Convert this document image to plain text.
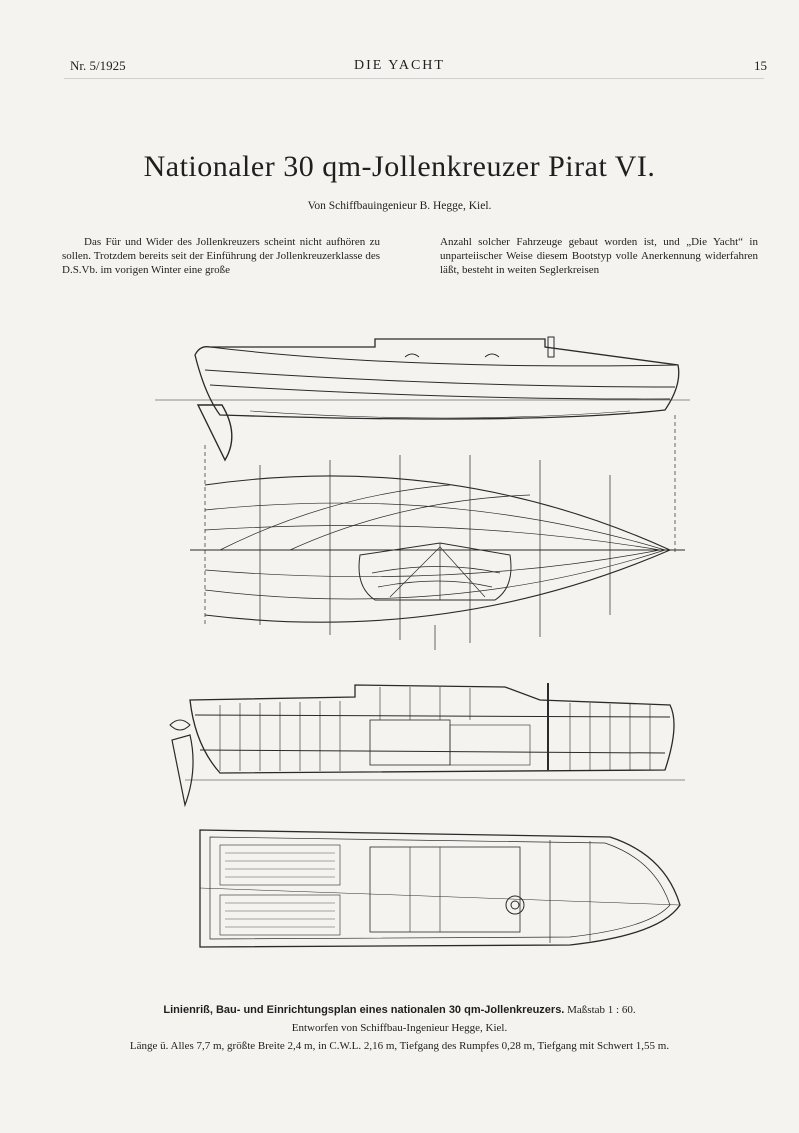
Nr. 5/1925	DIE YACHT	15
Nationaler 30 qm-Jollenkreuzer Pirat VI.
Von Schiffbauingenieur B. Hegge, Kiel.

Das Für und Wider des Jollenkreuzers scheint nicht aufhören zu sollen. Trotzdem bereits seit der Einführung der Jollenkreuzerklasse des D.S.Vb. im vorigen Winter eine große

Anzahl solcher Fahrzeuge gebaut worden ist, und „Die Yacht“ in unparteiischer Weise diesem Bootstyp volle Anerkennung widerfahren läßt, besteht in weiten Seglerkreisen

Linienriß, Bau- und Einrichtungsplan eines nationalen 30 qm-Jollenkreuzers. Maßstab 1 : 60.
Entworfen von Schiffbau-Ingenieur Hegge, Kiel.
Länge ü. Alles 7,7 m, größte Breite 2,4 m, in C.W.L. 2,16 m, Tiefgang des Rumpfes 0,28 m, Tiefgang mit Schwert 1,55 m.
